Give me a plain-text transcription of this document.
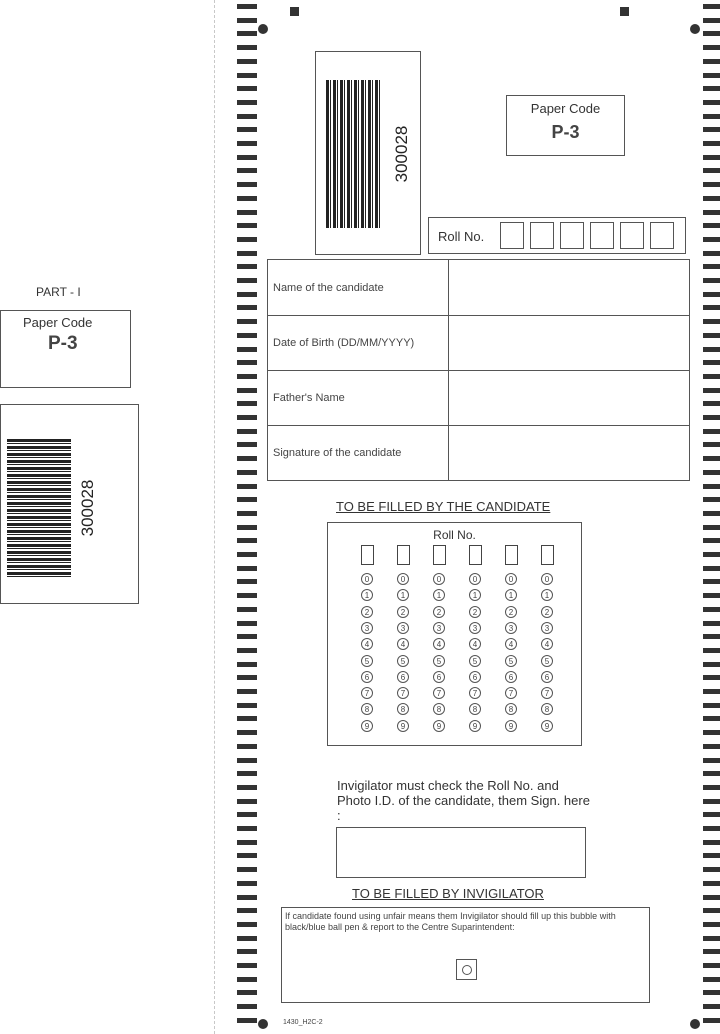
PART - I
Paper Code
P-3
300028
300028
Paper Code
P-3
Roll No.
Name of the candidate
Date of Birth (DD/MM/YYYY)
Father's Name
Signature of the candidate
TO BE FILLED BY THE CANDIDATE
Roll No.
0
1
2
3
4
5
6
7
8
9
0
1
2
3
4
5
6
7
8
9
0
1
2
3
4
5
6
7
8
9
0
1
2
3
4
5
6
7
8
9
0
1
2
3
4
5
6
7
8
9
0
1
2
3
4
5
6
7
8
9
Invigilator must check the Roll No. and Photo I.D. of the candidate, them Sign. here :
TO BE FILLED BY INVIGILATOR
If candidate found using unfair means them Invigilator should fill up this bubble with black/blue ball pen & report to the Centre Suparintendent:
1430_H2C-2
